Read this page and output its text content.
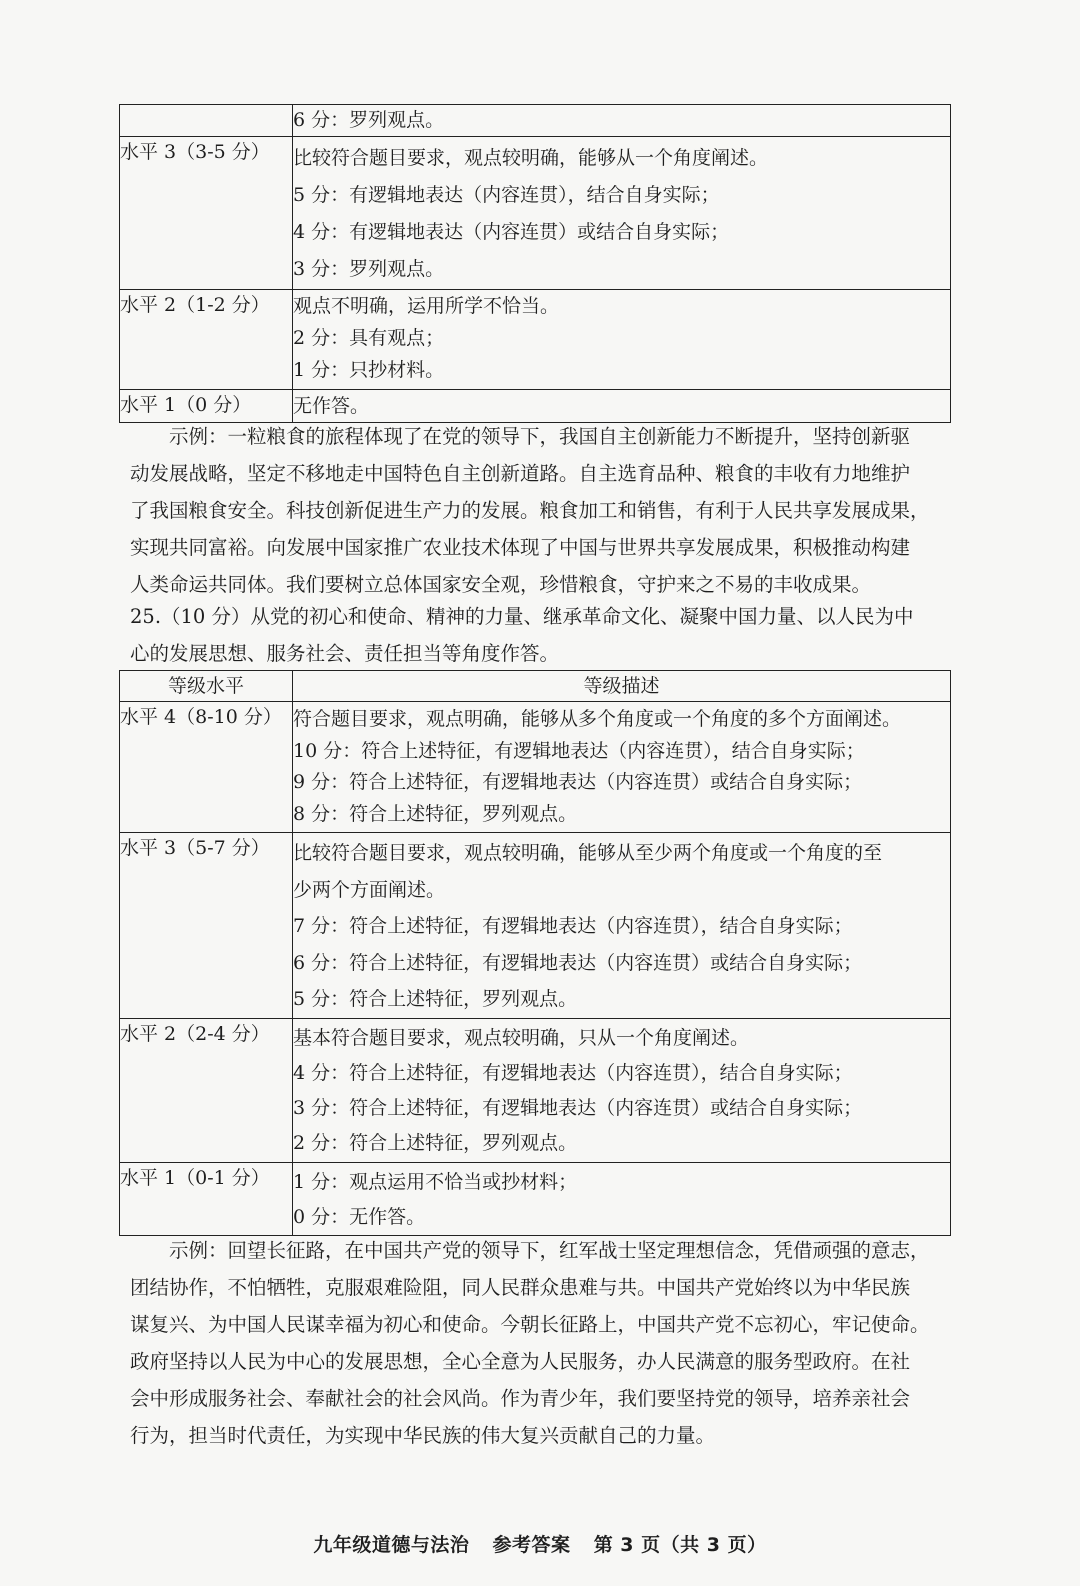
	6 分：罗列观点。

水平 3（3-5 分）	比较符合题目要求，观点较明确，能够从一个角度阐述。
5 分：有逻辑地表达（内容连贯），结合自身实际；
4 分：有逻辑地表达（内容连贯）或结合自身实际；
3 分：罗列观点。

水平 2（1-2 分）	观点不明确，运用所学不恰当。
2 分：具有观点；
1 分：只抄材料。

水平 1（0 分）	无作答。
示例：一粒粮食的旅程体现了在党的领导下，我国自主创新能力不断提升，坚持创新驱
动发展战略，坚定不移地走中国特色自主创新道路。自主选育品种、粮食的丰收有力地维护
了我国粮食安全。科技创新促进生产力的发展。粮食加工和销售，有利于人民共享发展成果，
实现共同富裕。向发展中国家推广农业技术体现了中国与世界共享发展成果，积极推动构建
人类命运共同体。我们要树立总体国家安全观，珍惜粮食，守护来之不易的丰收成果。
25.（10 分）从党的初心和使命、精神的力量、继承革命文化、凝聚中国力量、以人民为中
心的发展思想、服务社会、责任担当等角度作答。
等级水平	等级描述
水平 4（8-10 分）	符合题目要求，观点明确，能够从多个角度或一个角度的多个方面阐述。
10 分：符合上述特征，有逻辑地表达（内容连贯），结合自身实际；
9 分：符合上述特征，有逻辑地表达（内容连贯）或结合自身实际；
8 分：符合上述特征，罗列观点。

水平 3（5-7 分）	比较符合题目要求，观点较明确，能够从至少两个角度或一个角度的至
少两个方面阐述。
7 分：符合上述特征，有逻辑地表达（内容连贯），结合自身实际；
6 分：符合上述特征，有逻辑地表达（内容连贯）或结合自身实际；
5 分：符合上述特征，罗列观点。

水平 2（2-4 分）	基本符合题目要求，观点较明确，只从一个角度阐述。
4 分：符合上述特征，有逻辑地表达（内容连贯），结合自身实际；
3 分：符合上述特征，有逻辑地表达（内容连贯）或结合自身实际；
2 分：符合上述特征，罗列观点。

水平 1（0-1 分）	1 分：观点运用不恰当或抄材料；
0 分：无作答。
示例：回望长征路，在中国共产党的领导下，红军战士坚定理想信念，凭借顽强的意志，
团结协作，不怕牺牲，克服艰难险阻，同人民群众患难与共。中国共产党始终以为中华民族
谋复兴、为中国人民谋幸福为初心和使命。今朝长征路上，中国共产党不忘初心，牢记使命。
政府坚持以人民为中心的发展思想，全心全意为人民服务，办人民满意的服务型政府。在社
会中形成服务社会、奉献社会的社会风尚。作为青少年，我们要坚持党的领导，培养亲社会
行为，担当时代责任，为实现中华民族的伟大复兴贡献自己的力量。
九年级道德与法治 参考答案 第 3 页（共 3 页）
